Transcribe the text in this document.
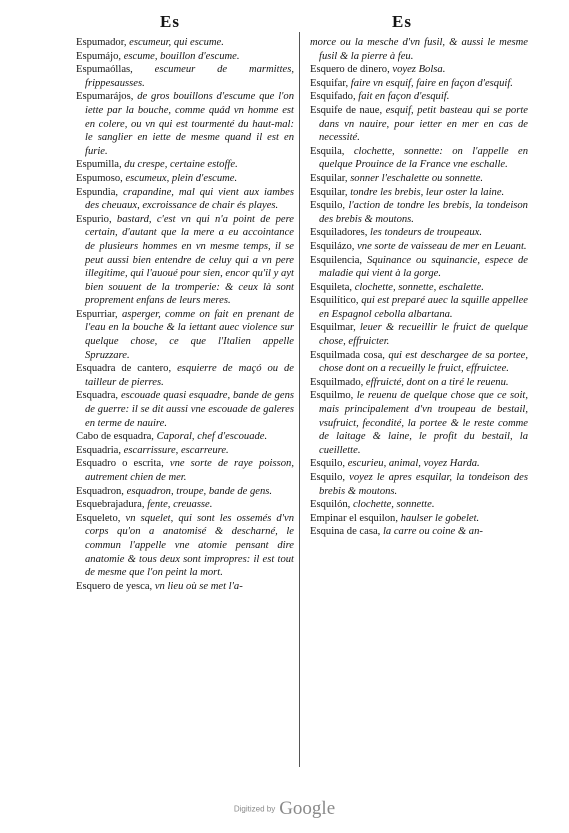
Es	Es

Espumador, escumeur, qui escume.

Espumájo, escume, bouillon d'escume.

Espumaóllas, escumeur de marmittes, frippesausses.

Espumarájos, de gros bouillons d'escume que l'on iette par la bouche, comme quád vn homme est en colere, ou vn qui est tourmenté du haut-mal: le sanglier en iette de mesme quand il est en furie.

Espumilla, du crespe, certaine estoffe.

Espumoso, escumeux, plein d'escume.

Espundia, crapandine, mal qui vient aux iambes des cheuaux, excroissance de chair és playes.

Espurio, bastard, c'est vn qui n'a point de pere certain, d'autant que la mere a eu accointance de plusieurs hommes en vn mesme temps, il se peut aussi bien entendre de celuy qui a vn pere illegitime, qui l'auoué pour sien, encor qu'il y ayt bien souuent de la tromperie: & ceux là sont proprement enfans de leurs meres.

Espurriar, asperger, comme on fait en prenant de l'eau en la bouche & la iettant auec violence sur quelque chose, ce que l'Italien appelle Spruzzare.

Esquadra de cantero, esquierre de maçó ou de tailleur de pierres.

Esquadra, escouade quasi esquadre, bande de gens de guerre: il se dit aussi vne escouade de galeres en terme de nauire.

Cabo de esquadra, Caporal, chef d'escouade.

Esquadria, escarrissure, escarreure.

Esquadro o escrita, vne sorte de raye poisson, autrement chien de mer.

Esquadron, esquadron, troupe, bande de gens.

Esquebrajadura, fente, creuasse.

Esqueleto, vn squelet, qui sont les ossemés d'vn corps qu'on a anatomisé & descharné, le commun l'appelle vne atomie pensant dire anatomie & tous deux sont impropres: il est tout de mesme que l'on peint la mort.

Esquero de yesca, vn lieu où se met l'a-

morce ou la mesche d'vn fusil, & aussi le mesme fusil & la pierre à feu.

Esquero de dinero, voyez Bolsa.

Esquifar, faire vn esquif, faire en façon d'esquif.

Esquifado, fait en façon d'esquif.

Esquife de naue, esquif, petit basteau qui se porte dans vn nauire, pour ietter en mer en cas de necessité.

Esquila, clochette, sonnette: on l'appelle en quelque Prouince de la France vne eschalle.

Esquilar, sonner l'eschalette ou sonnette.

Esquilar, tondre les brebis, leur oster la laine.

Esquilo, l'action de tondre les brebis, la tondeison des brebis & moutons.

Esquiladores, les tondeurs de troupeaux.

Esquilázo, vne sorte de vaisseau de mer en Leuant.

Esquilencia, Squinance ou squinancie, espece de maladie qui vient à la gorge.

Esquileta, clochette, sonnette, eschalette.

Esquilítico, qui est preparé auec la squille appellee en Espagnol cebolla albartana.

Esquilmar, leuer & recueillir le fruict de quelque chose, effruicter.

Esquilmada cosa, qui est deschargee de sa portee, chose dont on a recueilly le fruict, effruictee.

Esquilmado, effruicté, dont on a tiré le reuenu.

Esquilmo, le reuenu de quelque chose que ce soit, mais principalement d'vn troupeau de bestail, vsufruict, fecondité, la portee & le reste comme de laitage & laine, le profit du bestail, la cueillette.

Esquilo, escurieu, animal, voyez Harda.

Esquilo, voyez le apres esquilar, la tondeison des brebis & moutons.

Esquilón, clochette, sonnette.

Empinar el esquilon, haulser le gobelet.

Esquina de casa, la carre ou coine & an-

Digitized by Google
